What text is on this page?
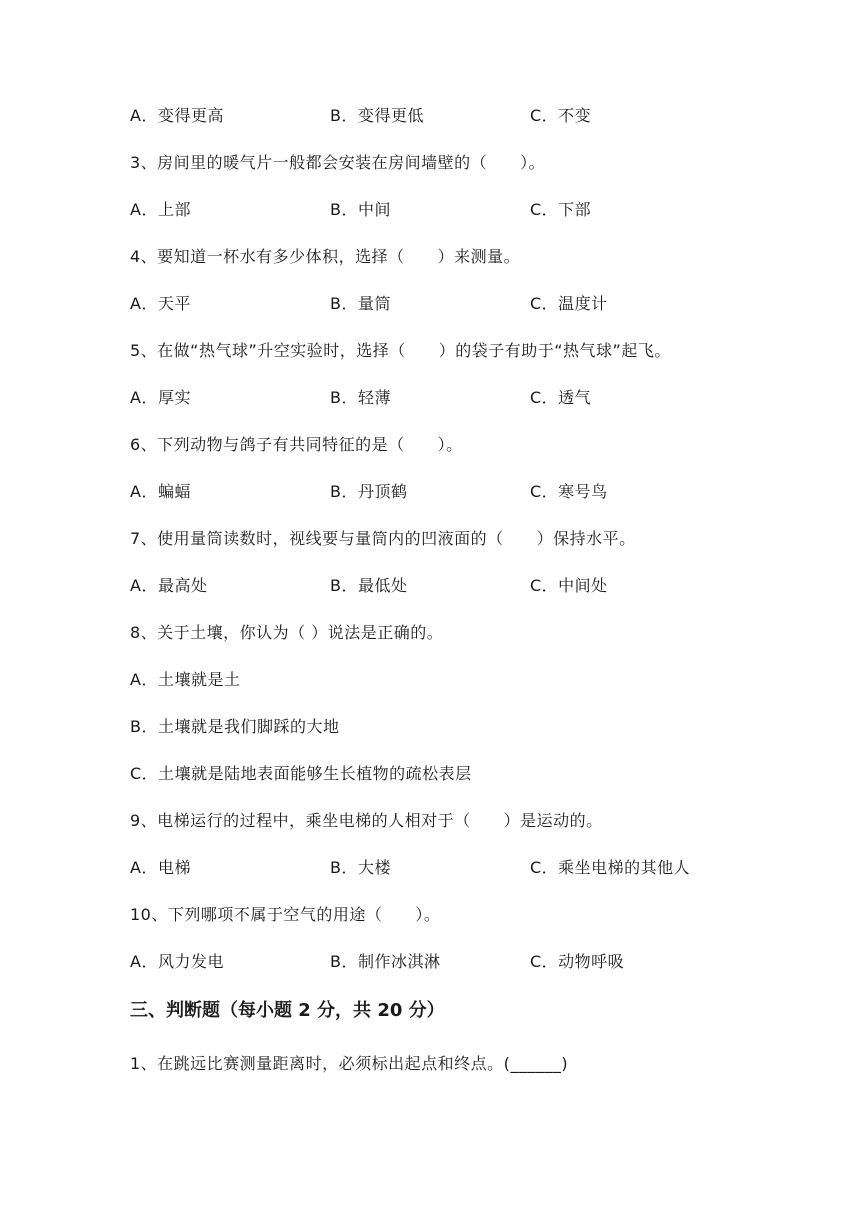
A．变得更高	B．变得更低	C．不变
3、房间里的暖气片一般都会安装在房间墙壁的（　　）。
A．上部	B．中间	C．下部
4、要知道一杯水有多少体积，选择（　　）来测量。
A．天平	B．量筒	C．温度计
5、在做“热气球”升空实验时，选择（　　）的袋子有助于“热气球”起飞。
A．厚实	B．轻薄	C．透气
6、下列动物与鸽子有共同特征的是（　　）。
A．蝙蝠	B．丹顶鹤	C．寒号鸟
7、使用量筒读数时，视线要与量筒内的凹液面的（　　）保持水平。
A．最高处	B．最低处	C．中间处
8、关于土壤，你认为（ ）说法是正确的。
A．土壤就是土
B．土壤就是我们脚踩的大地
C．土壤就是陆地表面能够生长植物的疏松表层
9、电梯运行的过程中，乘坐电梯的人相对于（　　）是运动的。
A．电梯	B．大楼	C．乘坐电梯的其他人
10、下列哪项不属于空气的用途（　　）。
A．风力发电	B．制作冰淇淋	C．动物呼吸
三、判断题（每小题 2 分，共 20 分）
1、在跳远比赛测量距离时，必须标出起点和终点。(______)
